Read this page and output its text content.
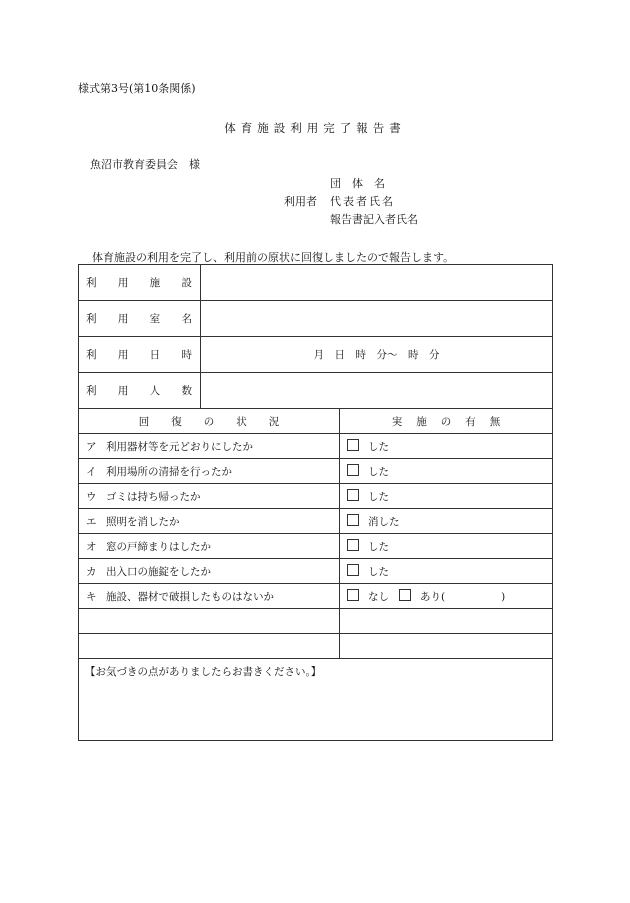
様式第3号(第10条関係)
体育施設利用完了報告書
魚沼市教育委員会　様
利用者
団体名
代表者氏名
報告書記入者氏名
体育施設の利用を完了し、利用前の原状に回復しましたので報告します。
利 用 施 設	

利 用 室 名	

利 用 日 時	月　日　時　分〜　時　分

利 用 人 数	

回復の状況	実施の有無
ア 利用器材等を元どおりにしたか	した
イ 利用場所の清掃を行ったか	した
ウ ゴミは持ち帰ったか	した
エ 照明を消したか	消した
オ 窓の戸締まりはしたか	した
カ 出入口の施錠をしたか	した
キ 施設、器材で破損したものはないか	なし あり( )

【お気づきの点がありましたらお書きください。】	
